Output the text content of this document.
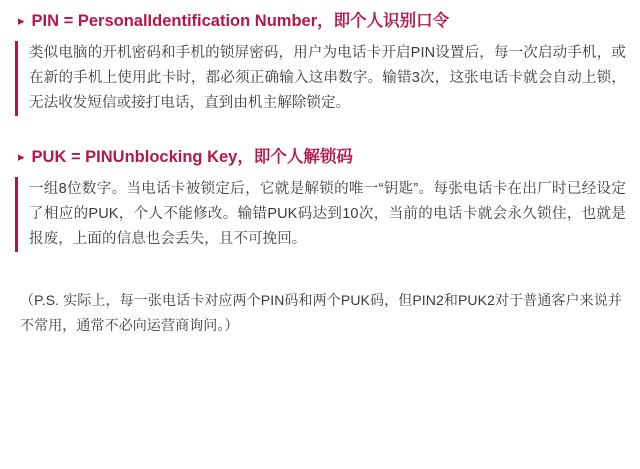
▸ PIN = PersonalIdentification Number，即个人识别口令
类似电脑的开机密码和手机的锁屏密码，用户为电话卡开启PIN设置后，每一次启动手机，或在新的手机上使用此卡时，都必须正确输入这串数字。输错3次，这张电话卡就会自动上锁，无法收发短信或接打电话，直到由机主解除锁定。
▸ PUK = PINUnblocking Key，即个人解锁码
一组8位数字。当电话卡被锁定后，它就是解锁的唯一“钥匙”。每张电话卡在出厂时已经设定了相应的PUK，个人不能修改。输错PUK码达到10次，当前的电话卡就会永久锁住，也就是报废，上面的信息也会丢失，且不可挽回。
（P.S. 实际上，每一张电话卡对应两个PIN码和两个PUK码，但PIN2和PUK2对于普通客户来说并不常用，通常不必向运营商询问。）
